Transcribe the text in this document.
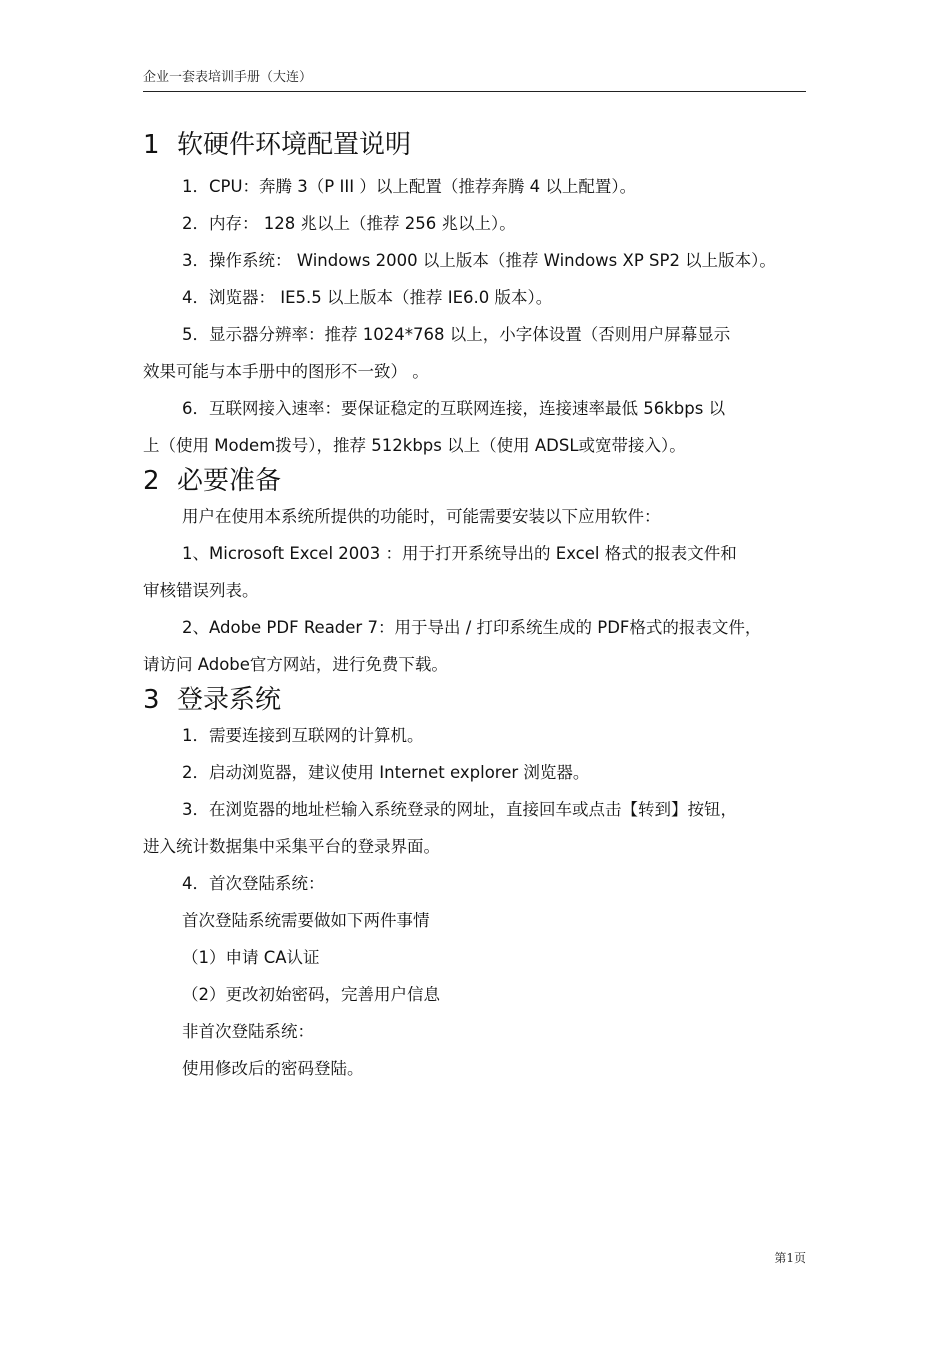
企业一套表培训手册（大连）
1 软硬件环境配置说明

1．CPU：奔腾 3（P III ）以上配置（推荐奔腾 4 以上配置）。

2．内存： 128 兆以上（推荐 256 兆以上）。

3．操作系统： Windows 2000 以上版本（推荐 Windows XP SP2 以上版本）。

4．浏览器： IE5.5 以上版本（推荐 IE6.0 版本）。

5．显示器分辨率：推荐 1024*768 以上，小字体设置（否则用户屏幕显示

效果可能与本手册中的图形不一致） 。

6．互联网接入速率：要保证稳定的互联网连接，连接速率最低 56kbps 以

上（使用 Modem拨号），推荐 512kbps 以上（使用 ADSL或宽带接入）。

2 必要准备

用户在使用本系统所提供的功能时，可能需要安装以下应用软件：

1、Microsoft Excel 2003 ：用于打开系统导出的 Excel 格式的报表文件和

审核错误列表。

2、Adobe PDF Reader 7：用于导出 / 打印系统生成的 PDF格式的报表文件，

请访问 Adobe官方网站，进行免费下载。

3 登录系统

1．需要连接到互联网的计算机。

2．启动浏览器，建议使用 Internet explorer 浏览器。

3．在浏览器的地址栏输入系统登录的网址，直接回车或点击【转到】按钮，

进入统计数据集中采集平台的登录界面。

4．首次登陆系统：

首次登陆系统需要做如下两件事情

（1）申请 CA认证

（2）更改初始密码，完善用户信息

非首次登陆系统：

使用修改后的密码登陆。

第1页
